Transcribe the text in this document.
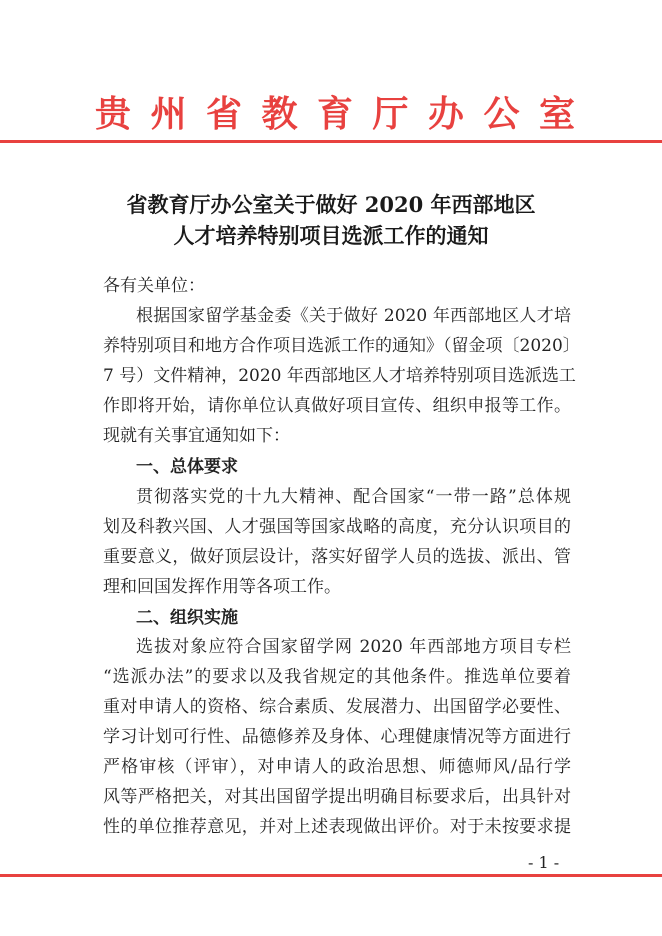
贵州省教育厅办公室
省教育厅办公室关于做好 2020 年西部地区
人才培养特别项目选派工作的通知
各有关单位：
根据国家留学基金委《关于做好 2020 年西部地区人才培
养特别项目和地方合作项目选派工作的通知》（留金项〔2020〕
7 号）文件精神，2020 年西部地区人才培养特别项目选派选工
作即将开始，请你单位认真做好项目宣传、组织申报等工作。
现就有关事宜通知如下：
一、总体要求
贯彻落实党的十九大精神、配合国家“一带一路”总体规
划及科教兴国、人才强国等国家战略的高度，充分认识项目的
重要意义，做好顶层设计，落实好留学人员的选拔、派出、管
理和回国发挥作用等各项工作。
二、组织实施
选拔对象应符合国家留学网 2020 年西部地方项目专栏
“选派办法”的要求以及我省规定的其他条件。推选单位要着
重对申请人的资格、综合素质、发展潜力、出国留学必要性、
学习计划可行性、品德修养及身体、心理健康情况等方面进行
严格审核（评审），对申请人的政治思想、师德师风/品行学
风等严格把关，对其出国留学提出明确目标要求后，出具针对
性的单位推荐意见，并对上述表现做出评价。对于未按要求提
- 1 -
